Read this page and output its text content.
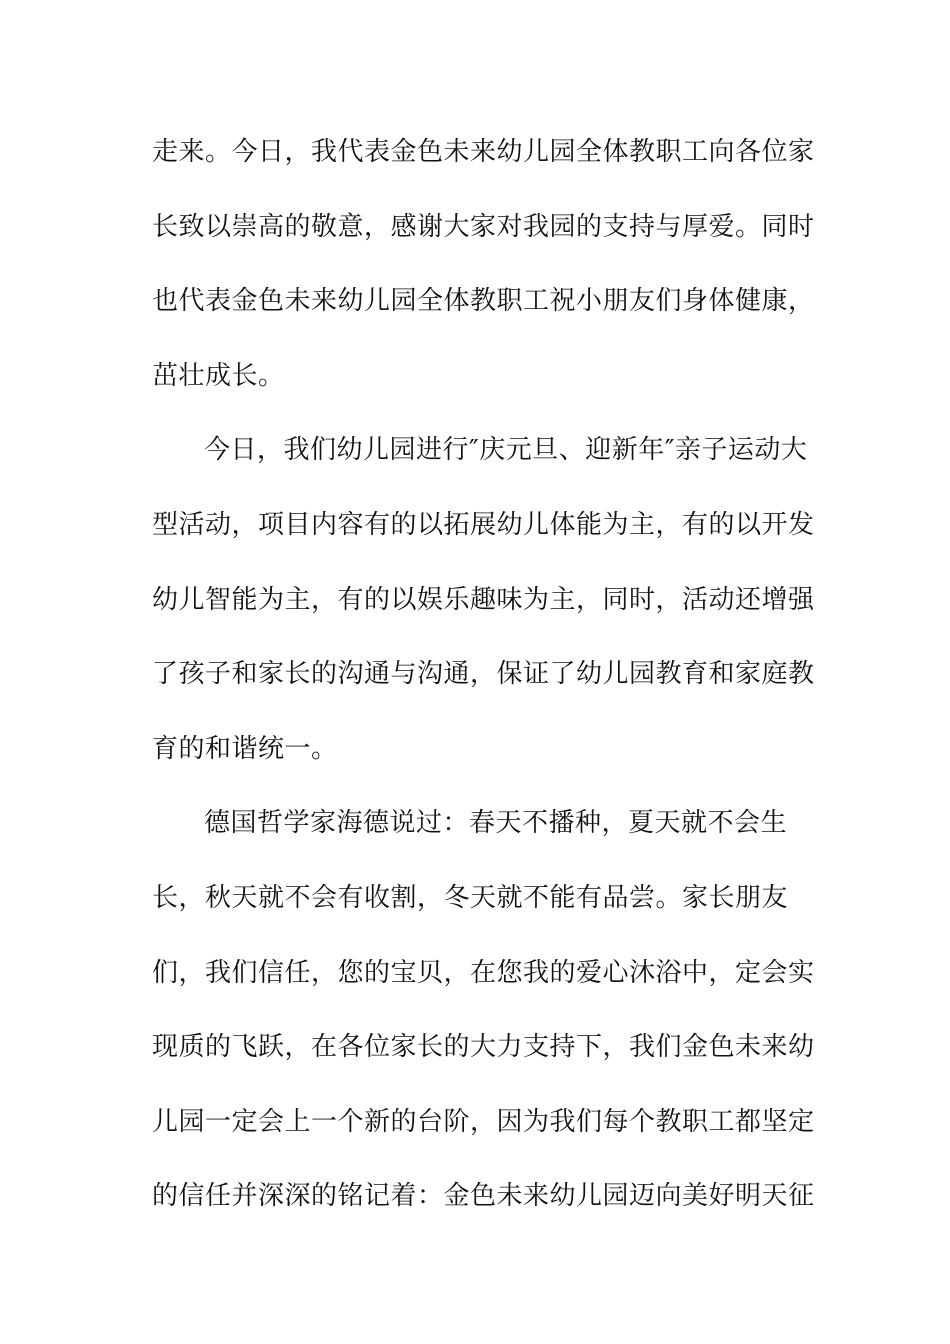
走来。今日，我代表金色未来幼儿园全体教职工向各位家
长致以崇高的敬意，感谢大家对我园的支持与厚爱。同时
也代表金色未来幼儿园全体教职工祝小朋友们身体健康，
茁壮成长。
今日，我们幼儿园进行″庆元旦、迎新年″亲子运动大
型活动，项目内容有的以拓展幼儿体能为主，有的以开发
幼儿智能为主，有的以娱乐趣味为主，同时，活动还增强
了孩子和家长的沟通与沟通，保证了幼儿园教育和家庭教
育的和谐统一。
德国哲学家海德说过：春天不播种，夏天就不会生
长，秋天就不会有收割，冬天就不能有品尝。家长朋友
们，我们信任，您的宝贝，在您我的爱心沐浴中，定会实
现质的飞跃，在各位家长的大力支持下，我们金色未来幼
儿园一定会上一个新的台阶，因为我们每个教职工都坚定
的信任并深深的铭记着：金色未来幼儿园迈向美好明天征
